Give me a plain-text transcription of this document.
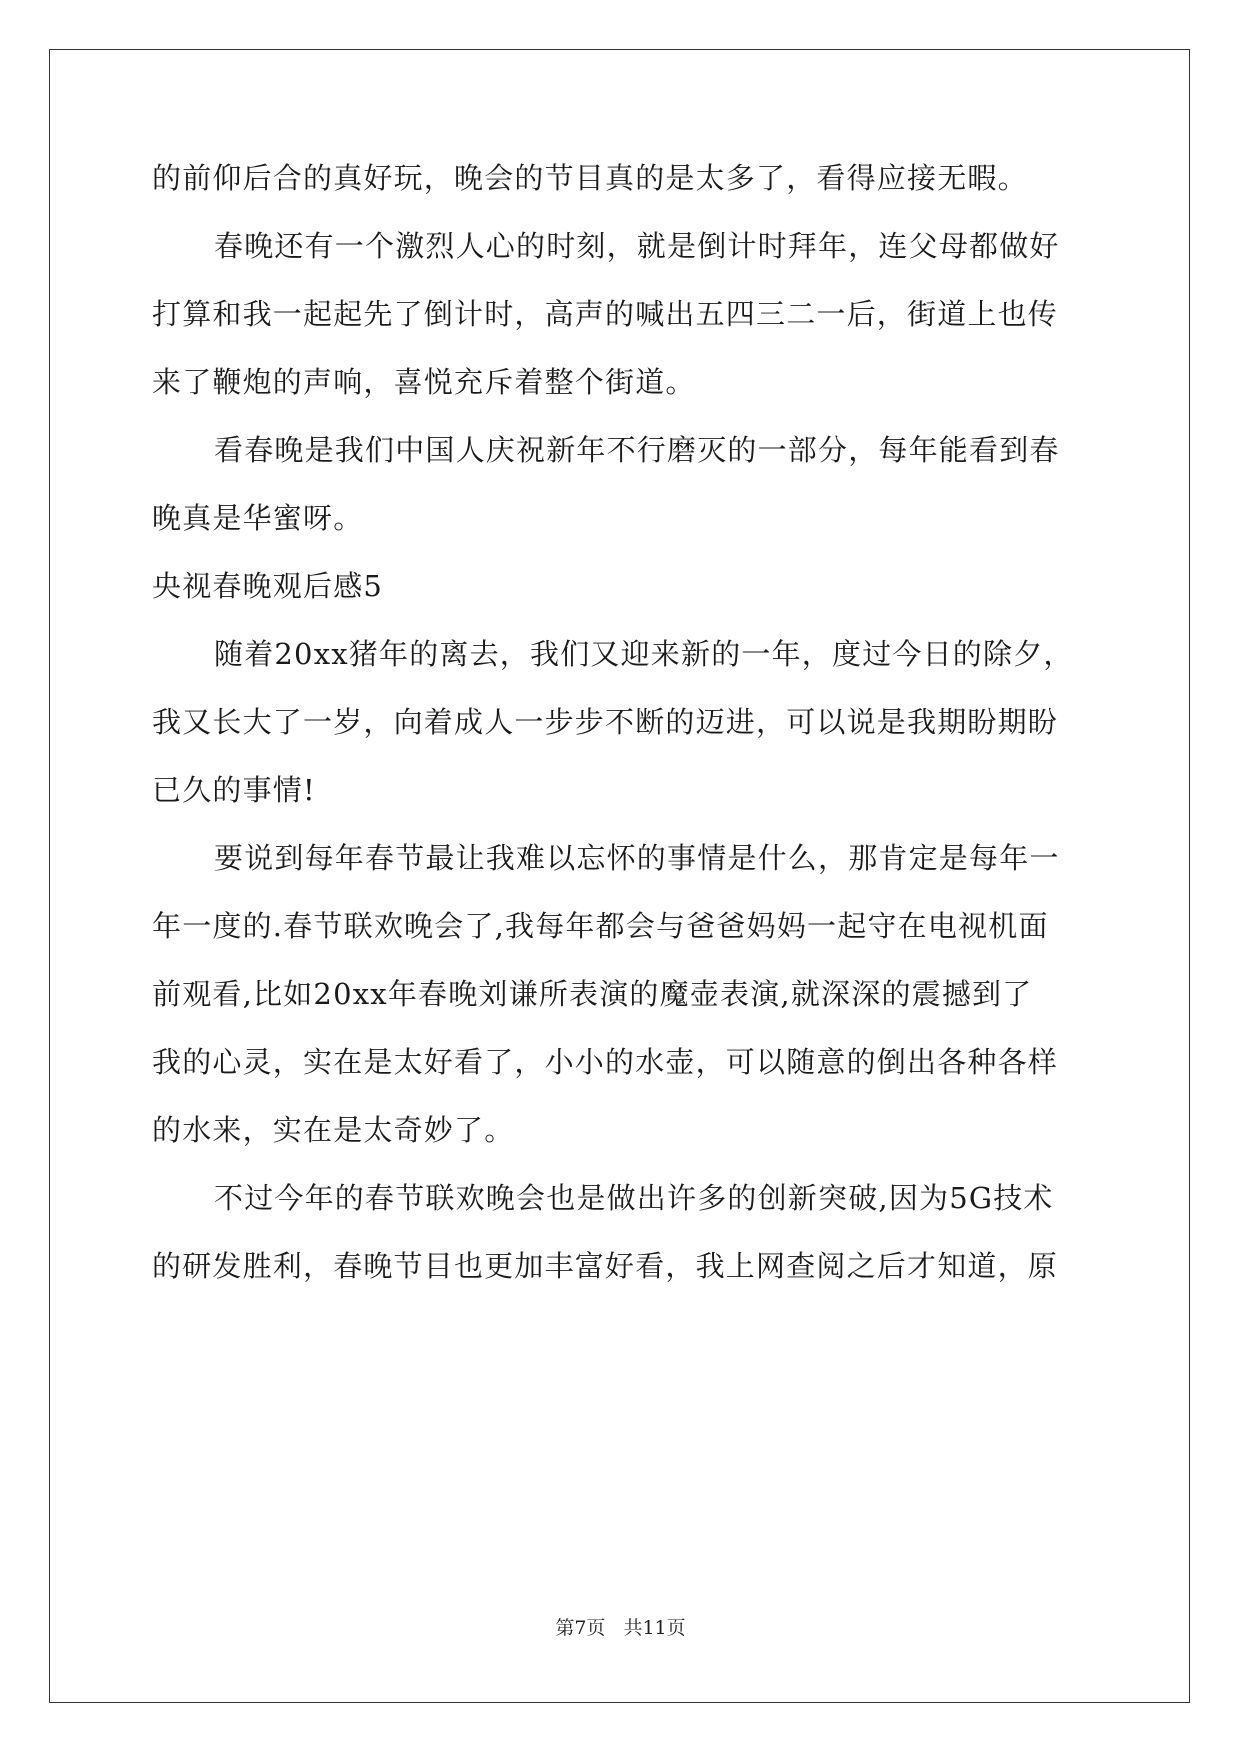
的前仰后合的真好玩，晚会的节目真的是太多了，看得应接无暇。
春晚还有一个激烈人心的时刻，就是倒计时拜年，连父母都做好
打算和我一起起先了倒计时，高声的喊出五四三二一后，街道上也传
来了鞭炮的声响，喜悦充斥着整个街道。
看春晚是我们中国人庆祝新年不行磨灭的一部分，每年能看到春
晚真是华蜜呀。
央视春晚观后感5
随着20xx猪年的离去，我们又迎来新的一年，度过今日的除夕，
我又长大了一岁，向着成人一步步不断的迈进，可以说是我期盼期盼
已久的事情!
要说到每年春节最让我难以忘怀的事情是什么，那肯定是每年一
年一度的.春节联欢晚会了,我每年都会与爸爸妈妈一起守在电视机面
前观看,比如20xx年春晚刘谦所表演的魔壶表演,就深深的震撼到了
我的心灵，实在是太好看了，小小的水壶，可以随意的倒出各种各样
的水来，实在是太奇妙了。
不过今年的春节联欢晚会也是做出许多的创新突破,因为5G技术
的研发胜利，春晚节目也更加丰富好看，我上网查阅之后才知道，原
第7页 共11页
